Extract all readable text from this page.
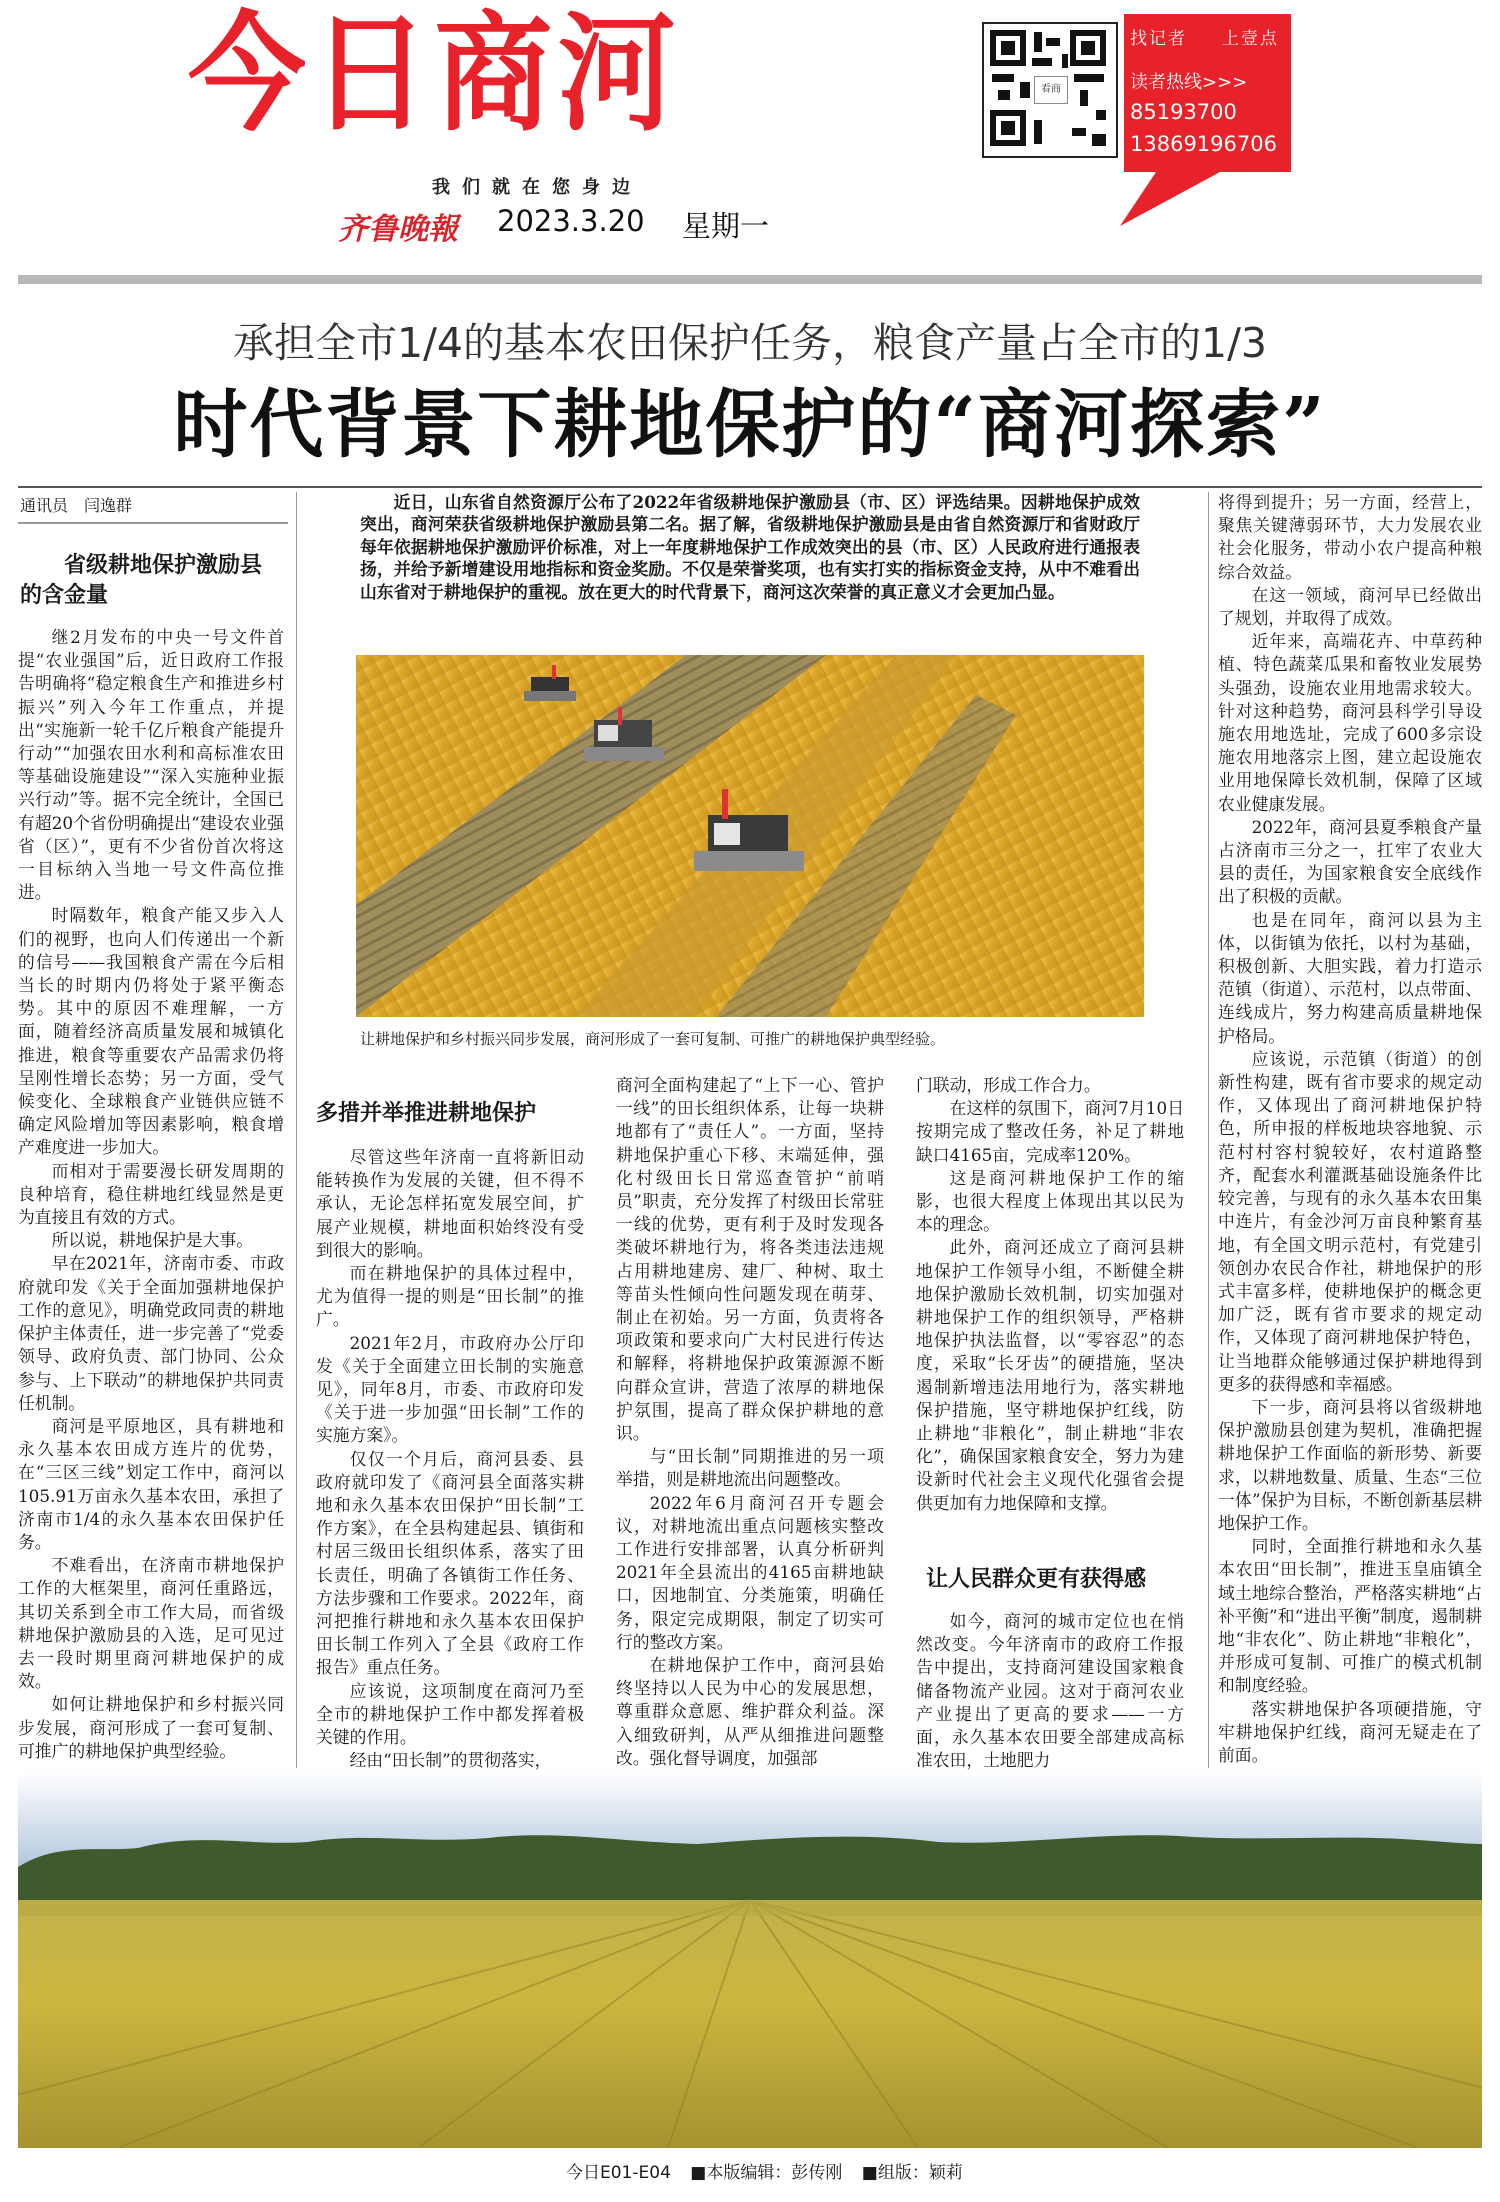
今日商河	看商
找记者 上壹点
读者热线>>>
85193700
13869196706
我们就在您身边
齐鲁晚報 2023.3.20 星期一
承担全市1/4的基本农田保护任务，粮食产量占全市的1/3
时代背景下耕地保护的“商河探索”
通讯员　闫逸群
省级耕地保护激励县的含金量

继2月发布的中央一号文件首提“农业强国”后，近日政府工作报告明确将“稳定粮食生产和推进乡村振兴”列入今年工作重点，并提出“实施新一轮千亿斤粮食产能提升行动”“加强农田水利和高标准农田等基础设施建设”“深入实施种业振兴行动”等。据不完全统计，全国已有超20个省份明确提出“建设农业强省（区）”，更有不少省份首次将这一目标纳入当地一号文件高位推进。

时隔数年，粮食产能又步入人们的视野，也向人们传递出一个新的信号——我国粮食产需在今后相当长的时期内仍将处于紧平衡态势。其中的原因不难理解，一方面，随着经济高质量发展和城镇化推进，粮食等重要农产品需求仍将呈刚性增长态势；另一方面，受气候变化、全球粮食产业链供应链不确定风险增加等因素影响，粮食增产难度进一步加大。

而相对于需要漫长研发周期的良种培育，稳住耕地红线显然是更为直接且有效的方式。

所以说，耕地保护是大事。

早在2021年，济南市委、市政府就印发《关于全面加强耕地保护工作的意见》，明确党政同责的耕地保护主体责任，进一步完善了“党委领导、政府负责、部门协同、公众参与、上下联动”的耕地保护共同责任机制。

商河是平原地区，具有耕地和永久基本农田成方连片的优势，在“三区三线”划定工作中，商河以105.91万亩永久基本农田，承担了济南市1/4的永久基本农田保护任务。

不难看出，在济南市耕地保护工作的大框架里，商河任重路远，其切关系到全市工作大局，而省级耕地保护激励县的入选，足可见过去一段时期里商河耕地保护的成效。

如何让耕地保护和乡村振兴同步发展，商河形成了一套可复制、可推广的耕地保护典型经验。

近日，山东省自然资源厅公布了2022年省级耕地保护激励县（市、区）评选结果。因耕地保护成效突出，商河荣获省级耕地保护激励县第二名。据了解，省级耕地保护激励县是由省自然资源厅和省财政厅每年依据耕地保护激励评价标准，对上一年度耕地保护工作成效突出的县（市、区）人民政府进行通报表扬，并给予新增建设用地指标和资金奖励。不仅是荣誉奖项，也有实打实的指标资金支持，从中不难看出山东省对于耕地保护的重视。放在更大的时代背景下，商河这次荣誉的真正意义才会更加凸显。
让耕地保护和乡村振兴同步发展，商河形成了一套可复制、可推广的耕地保护典型经验。
多措并举推进耕地保护

尽管这些年济南一直将新旧动能转换作为发展的关键，但不得不承认，无论怎样拓宽发展空间，扩展产业规模，耕地面积始终没有受到很大的影响。

而在耕地保护的具体过程中，尤为值得一提的则是“田长制”的推广。

2021年2月，市政府办公厅印发《关于全面建立田长制的实施意见》，同年8月，市委、市政府印发《关于进一步加强“田长制”工作的实施方案》。

仅仅一个月后，商河县委、县政府就印发了《商河县全面落实耕地和永久基本农田保护“田长制”工作方案》，在全县构建起县、镇街和村居三级田长组织体系，落实了田长责任，明确了各镇街工作任务、方法步骤和工作要求。2022年，商河把推行耕地和永久基本农田保护田长制工作列入了全县《政府工作报告》重点任务。

应该说，这项制度在商河乃至全市的耕地保护工作中都发挥着极关键的作用。

经由“田长制”的贯彻落实，

商河全面构建起了“上下一心、管护一线”的田长组织体系，让每一块耕地都有了“责任人”。一方面，坚持耕地保护重心下移、末端延伸，强化村级田长日常巡查管护“前哨员”职责，充分发挥了村级田长常驻一线的优势，更有利于及时发现各类破坏耕地行为，将各类违法违规占用耕地建房、建厂、种树、取土等苗头性倾向性问题发现在萌芽、制止在初始。另一方面，负责将各项政策和要求向广大村民进行传达和解释，将耕地保护政策源源不断向群众宣讲，营造了浓厚的耕地保护氛围，提高了群众保护耕地的意识。

与“田长制”同期推进的另一项举措，则是耕地流出问题整改。

2022年6月商河召开专题会议，对耕地流出重点问题核实整改工作进行安排部署，认真分析研判2021年全县流出的4165亩耕地缺口，因地制宜、分类施策，明确任务，限定完成期限，制定了切实可行的整改方案。

在耕地保护工作中，商河县始终坚持以人民为中心的发展思想，尊重群众意愿、维护群众利益。深入细致研判，从严从细推进问题整改。强化督导调度，加强部

门联动，形成工作合力。

在这样的氛围下，商河7月10日按期完成了整改任务，补足了耕地缺口4165亩，完成率120%。

这是商河耕地保护工作的缩影，也很大程度上体现出其以民为本的理念。

此外，商河还成立了商河县耕地保护工作领导小组，不断健全耕地保护激励长效机制，切实加强对耕地保护工作的组织领导，严格耕地保护执法监督，以“零容忍”的态度，采取“长牙齿”的硬措施，坚决遏制新增违法用地行为，落实耕地保护措施，坚守耕地保护红线，防止耕地“非粮化”，制止耕地“非农化”，确保国家粮食安全，努力为建设新时代社会主义现代化强省会提供更加有力地保障和支撑。

让人民群众更有获得感

如今，商河的城市定位也在悄然改变。今年济南市的政府工作报告中提出，支持商河建设国家粮食储备物流产业园。这对于商河农业产业提出了更高的要求——一方面，永久基本农田要全部建成高标准农田，土地肥力

将得到提升；另一方面，经营上，聚焦关键薄弱环节，大力发展农业社会化服务，带动小农户提高种粮综合效益。

在这一领域，商河早已经做出了规划，并取得了成效。

近年来，高端花卉、中草药种植、特色蔬菜瓜果和畜牧业发展势头强劲，设施农业用地需求较大。针对这种趋势，商河县科学引导设施农用地选址，完成了600多宗设施农用地落宗上图，建立起设施农业用地保障长效机制，保障了区域农业健康发展。

2022年，商河县夏季粮食产量占济南市三分之一，扛牢了农业大县的责任，为国家粮食安全底线作出了积极的贡献。

也是在同年，商河以县为主体，以街镇为依托，以村为基础，积极创新、大胆实践，着力打造示范镇（街道）、示范村，以点带面、连线成片，努力构建高质量耕地保护格局。

应该说，示范镇（街道）的创新性构建，既有省市要求的规定动作，又体现出了商河耕地保护特色，所申报的样板地块容地貌、示范村村容村貌较好，农村道路整齐，配套水利灌溉基础设施条件比较完善，与现有的永久基本农田集中连片，有金沙河万亩良种繁育基地，有全国文明示范村，有党建引领创办农民合作社，耕地保护的形式丰富多样，使耕地保护的概念更加广泛，既有省市要求的规定动作，又体现了商河耕地保护特色，让当地群众能够通过保护耕地得到更多的获得感和幸福感。

下一步，商河县将以省级耕地保护激励县创建为契机，准确把握耕地保护工作面临的新形势、新要求，以耕地数量、质量、生态“三位一体”保护为目标，不断创新基层耕地保护工作。

同时，全面推行耕地和永久基本农田“田长制”，推进玉皇庙镇全域土地综合整治，严格落实耕地“占补平衡”和“进出平衡”制度，遏制耕地“非农化”、防止耕地“非粮化”，并形成可复制、可推广的模式机制和制度经验。

落实耕地保护各项硬措施，守牢耕地保护红线，商河无疑走在了前面。

今日E01-E04 ■本版编辑：彭传刚 ■组版：颖莉
